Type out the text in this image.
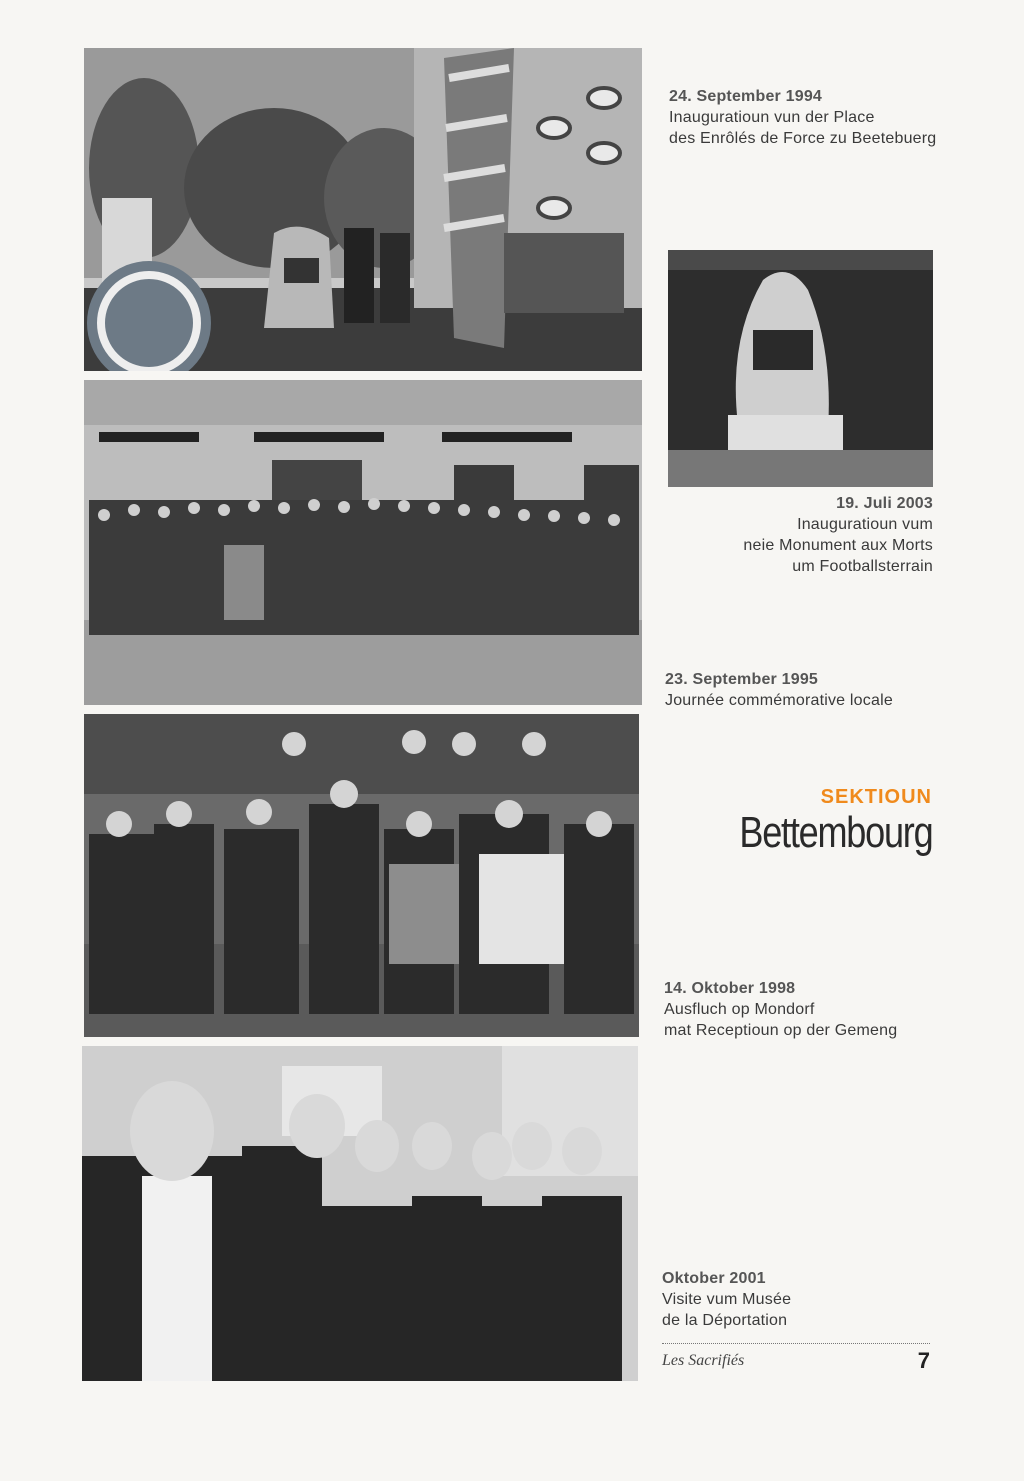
24. September 1994
Inauguratioun vun der Place
des Enrôlés de Force zu Beetebuerg
19. Juli 2003
Inauguratioun vum
neie Monument aux Morts
um Footballsterrain
23. September 1995
Journée commémorative locale
SEKTIOUN
Bettembourg
14. Oktober 1998
Ausfluch op Mondorf
mat Receptioun op der Gemeng
Oktober 2001
Visite vum Musée
de la Déportation
Les Sacrifiés	7
